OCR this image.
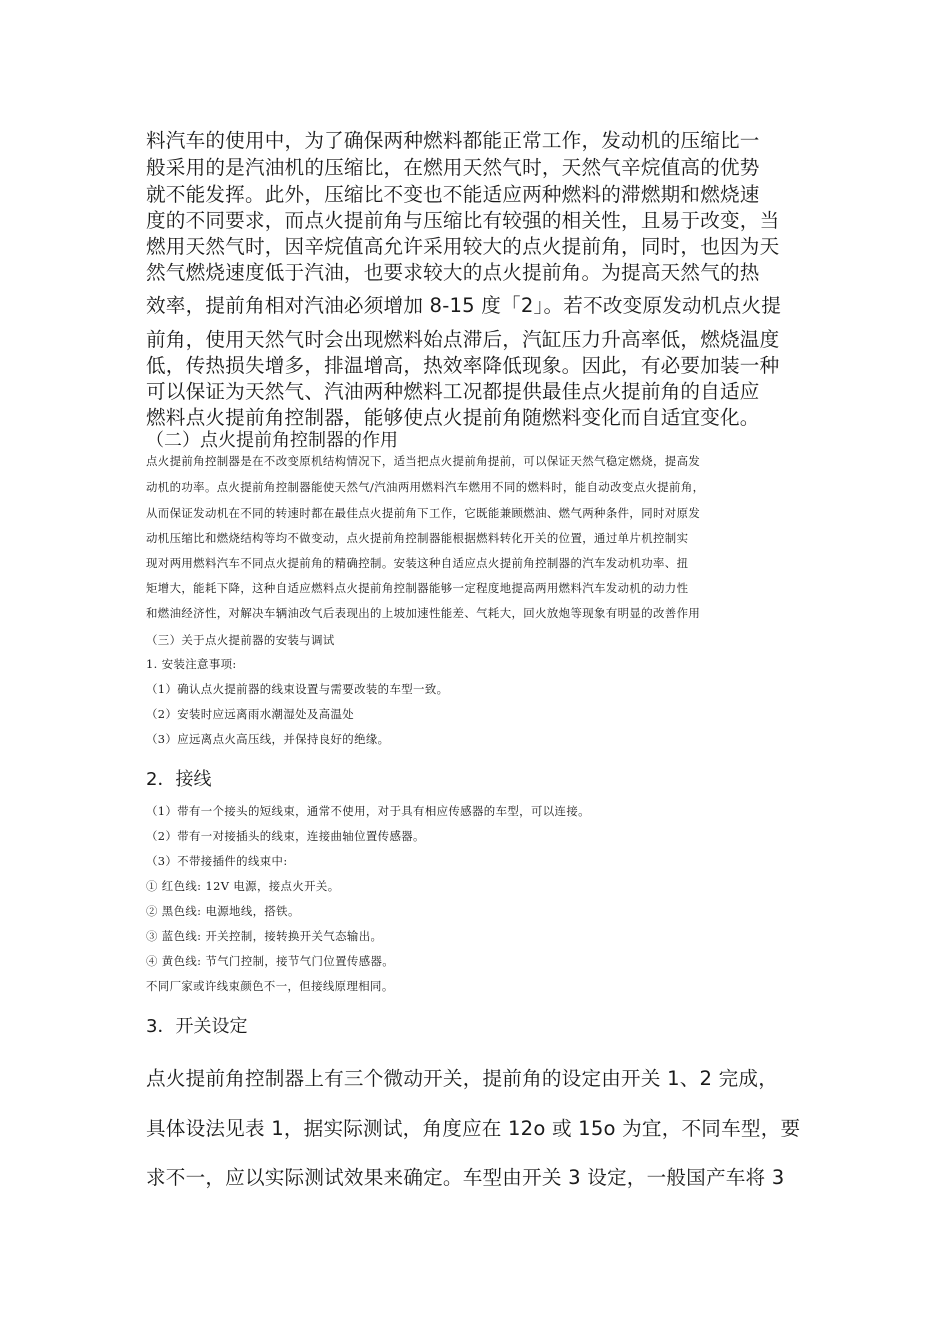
料汽车的使用中，为了确保两种燃料都能正常工作，发动机的压缩比一
般采用的是汽油机的压缩比，在燃用天然气时，天然气辛烷值高的优势
就不能发挥。此外，压缩比不变也不能适应两种燃料的滞燃期和燃烧速
度的不同要求，而点火提前角与压缩比有较强的相关性，且易于改变，当
燃用天然气时，因辛烷值高允许采用较大的点火提前角，同时，也因为天
然气燃烧速度低于汽油，也要求较大的点火提前角。为提高天然气的热
效率，提前角相对汽油必须增加 8-15 度「2」。若不改变原发动机点火提
前角，使用天然气时会出现燃料始点滞后，汽缸压力升高率低，燃烧温度
低，传热损失增多，排温增高，热效率降低现象。因此，有必要加装一种
可以保证为天然气、汽油两种燃料工况都提供最佳点火提前角的自适应
燃料点火提前角控制器，能够使点火提前角随燃料变化而自适宜变化。
（二）点火提前角控制器的作用
点火提前角控制器是在不改变原机结构情况下，适当把点火提前角提前，可以保证天然气稳定燃烧，提高发
动机的功率。点火提前角控制器能使天然气/汽油两用燃料汽车燃用不同的燃料时，能自动改变点火提前角，
从而保证发动机在不同的转速时都在最佳点火提前角下工作，它既能兼顾燃油、燃气两种条件，同时对原发
动机压缩比和燃烧结构等均不做变动，点火提前角控制器能根据燃料转化开关的位置，通过单片机控制实
现对两用燃料汽车不同点火提前角的精确控制。安装这种自适应点火提前角控制器的汽车发动机功率、扭
矩增大，能耗下降，这种自适应燃料点火提前角控制器能够一定程度地提高两用燃料汽车发动机的动力性
和燃油经济性，对解决车辆油改气后表现出的上坡加速性能差、气耗大，回火放炮等现象有明显的改善作用
（三）关于点火提前器的安装与调试
1. 安装注意事项:
（1）确认点火提前器的线束设置与需要改装的车型一致。
（2）安装时应远离雨水潮湿处及高温处
（3）应远离点火高压线，并保持良好的绝缘。
2．接线
（1）带有一个接头的短线束，通常不使用，对于具有相应传感器的车型，可以连接。
（2）带有一对接插头的线束，连接曲轴位置传感器。
（3）不带接插件的线束中:
① 红色线: 12V 电源，接点火开关。
② 黑色线: 电源地线，搭铁。
③ 蓝色线: 开关控制，接转换开关气态输出。
④ 黄色线: 节气门控制，接节气门位置传感器。
不同厂家或许线束颜色不一，但接线原理相同。
3．开关设定
点火提前角控制器上有三个微动开关，提前角的设定由开关 1、2 完成，
具体设法见表 1，据实际测试，角度应在 12o 或 15o 为宜，不同车型，要
求不一，应以实际测试效果来确定。车型由开关 3 设定，一般国产车将 3
